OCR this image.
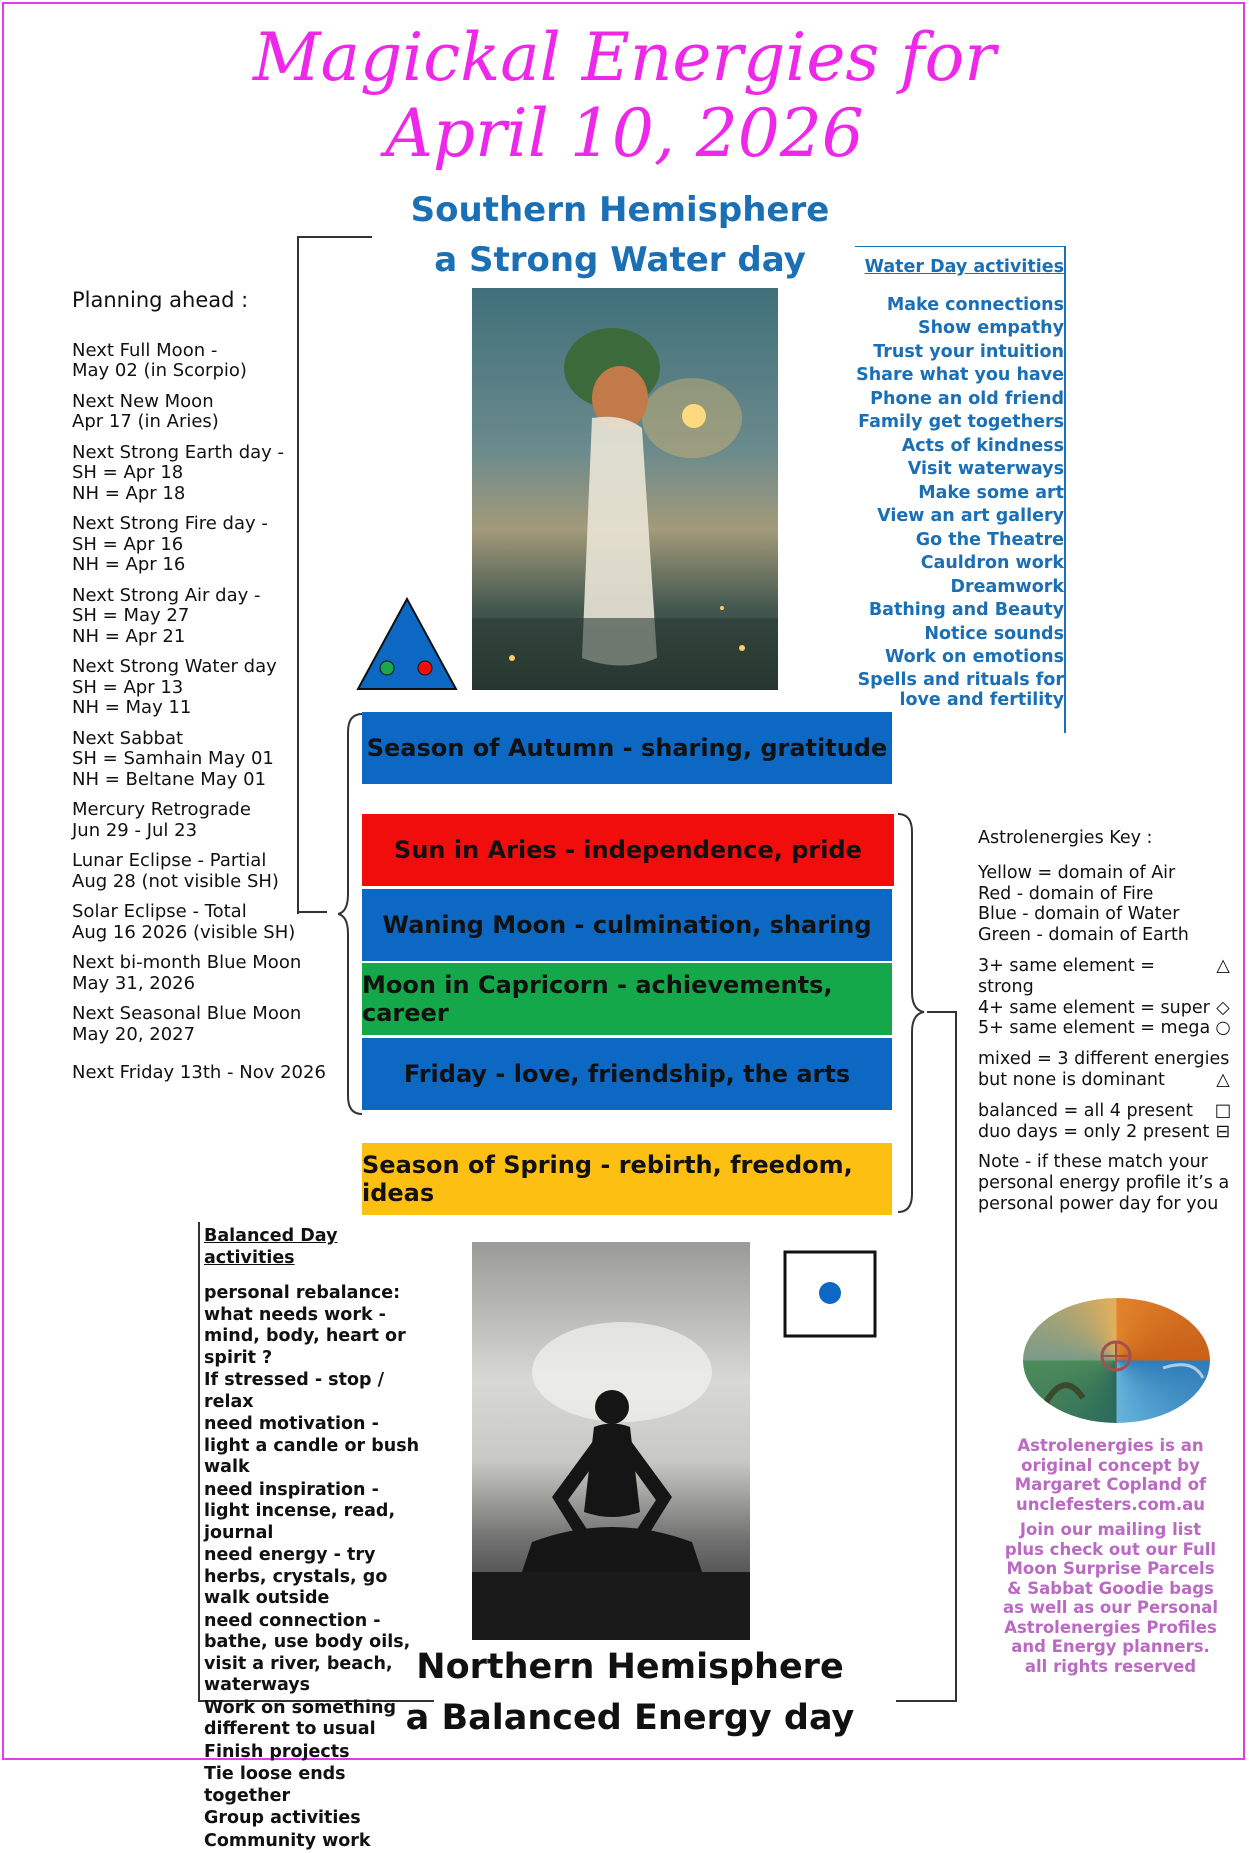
Magickal Energies for
April 10, 2026
Southern Hemisphere
a Strong Water day
Planning ahead :
Next Full Moon -
May 02 (in Scorpio)
Next New Moon
Apr 17 (in Aries)
Next Strong Earth day -
SH = Apr 18
NH = Apr 18
Next Strong Fire day -
SH = Apr 16
NH = Apr 16
Next Strong Air day -
SH = May 27
NH = Apr 21
Next Strong Water day
SH = Apr 13
NH = May 11
Next Sabbat
SH = Samhain May 01
NH = Beltane May 01
Mercury Retrograde
Jun 29 - Jul 23
Lunar Eclipse - Partial
Aug 28 (not visible SH)
Solar Eclipse - Total
Aug 16 2026 (visible SH)
Next bi-month Blue Moon
May 31, 2026
Next Seasonal Blue Moon
May 20, 2027
Next Friday 13th - Nov 2026
Water Day activities
Make connections
Show empathy
Trust your intuition
Share what you have
Phone an old friend
Family get togethers
Acts of kindness
Visit waterways
Make some art
View an art gallery
Go the Theatre
Cauldron work
Dreamwork
Bathing and Beauty
Notice sounds
Work on emotions
Spells and rituals for
love and fertility
Season of Autumn - sharing, gratitude
Sun in Aries - independence, pride
Waning Moon - culmination, sharing
Moon in Capricorn - achievements, career
Friday - love, friendship, the arts
Season of Spring - rebirth, freedom, ideas
Astrolenergies Key :
Yellow = domain of Air
Red - domain of Fire
Blue - domain of Water
Green - domain of Earth
3+ same element = strong
△
4+ same element = super ◇
5+ same element = mega ○
mixed = 3 different energies
but none is dominant	△
balanced = all 4 present □
duo days = only 2 present ⊟
Note - if these match your personal energy profile it’s a personal power day for you
Balanced Day activities
personal rebalance: what needs work - mind, body, heart or spirit ?
If stressed - stop / relax
need motivation - light a candle or bush walk
need inspiration - light incense, read, journal
need energy - try herbs, crystals, go walk outside
need connection - bathe, use body oils, visit a river, beach, waterways
Work on something different to usual
Finish projects
Tie loose ends together
Group activities
Community work
Northern Hemisphere
a Balanced Energy day
Astrolenergies is an original concept by Margaret Copland of unclefesters.com.au
Join our mailing list plus check out our Full Moon Surprise Parcels & Sabbat Goodie bags as well as our Personal Astrolenergies Profiles and Energy planners.
all rights reserved
